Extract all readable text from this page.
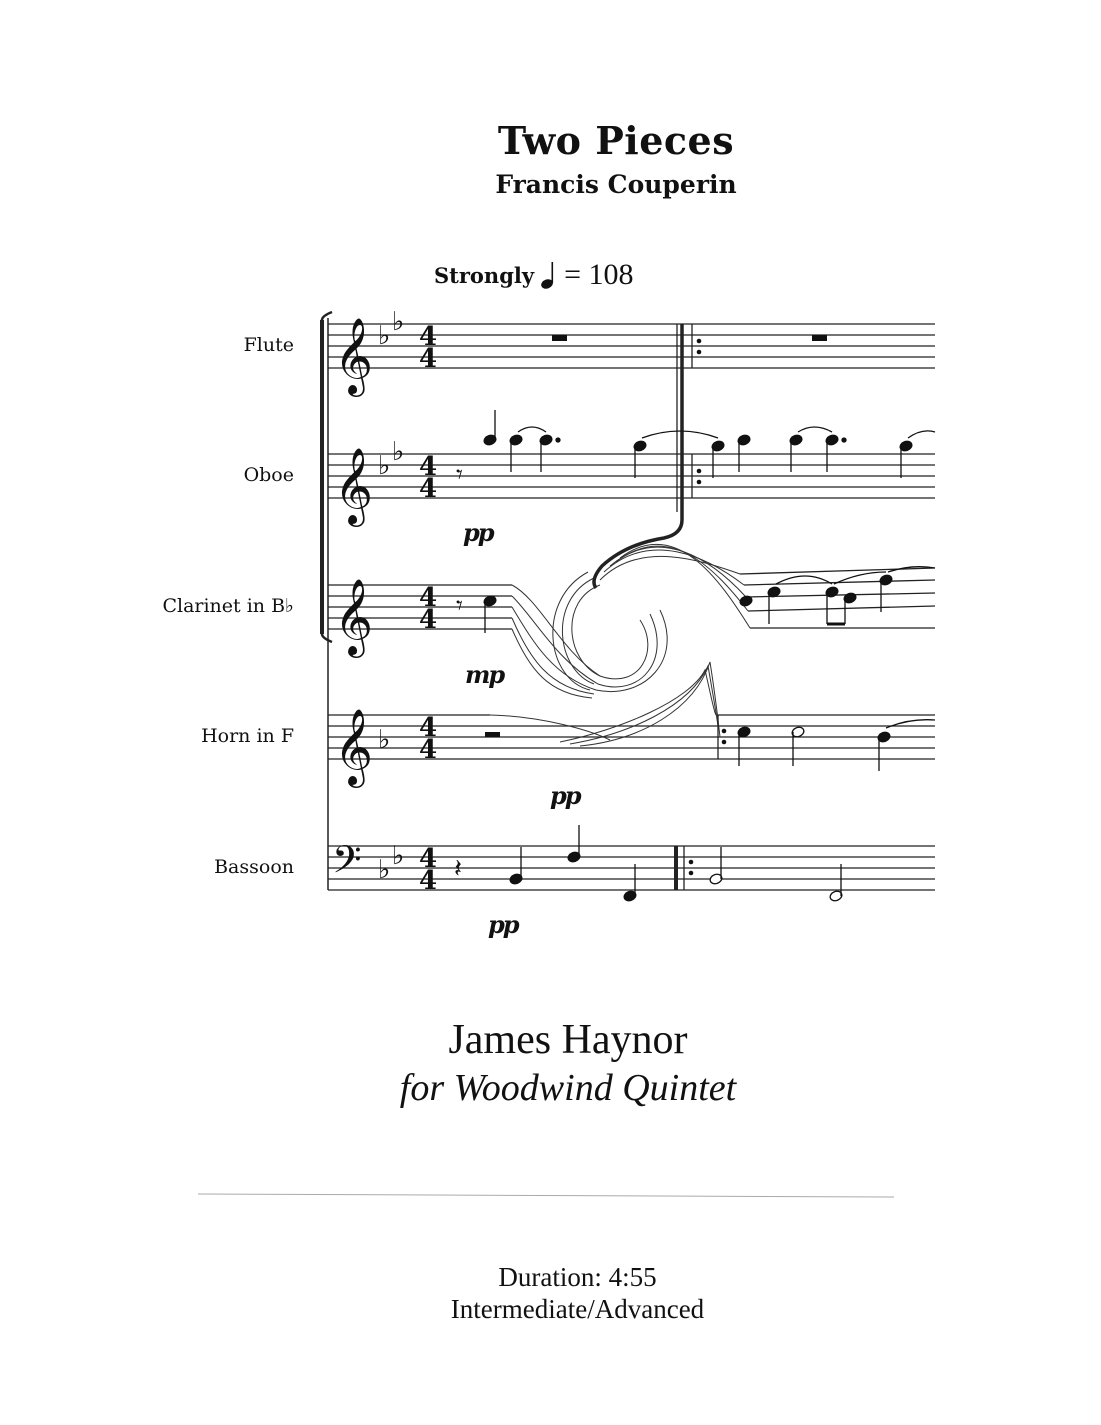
Two Pieces
Francis Couperin
Strongly = 108
Flute
Oboe
Clarinet in B♭
Horn in F
Bassoon
pp
mp
pp
pp
𝄞
𝄞
𝄞
𝄞
𝄢
♭ ♭
♭ ♭
♭
♭ ♭
4
4
4
4
4
4
4
4
4
4
𝄾
𝄾
𝄽
James Haynor
for Woodwind Quintet
Duration: 4:55
Intermediate/Advanced
